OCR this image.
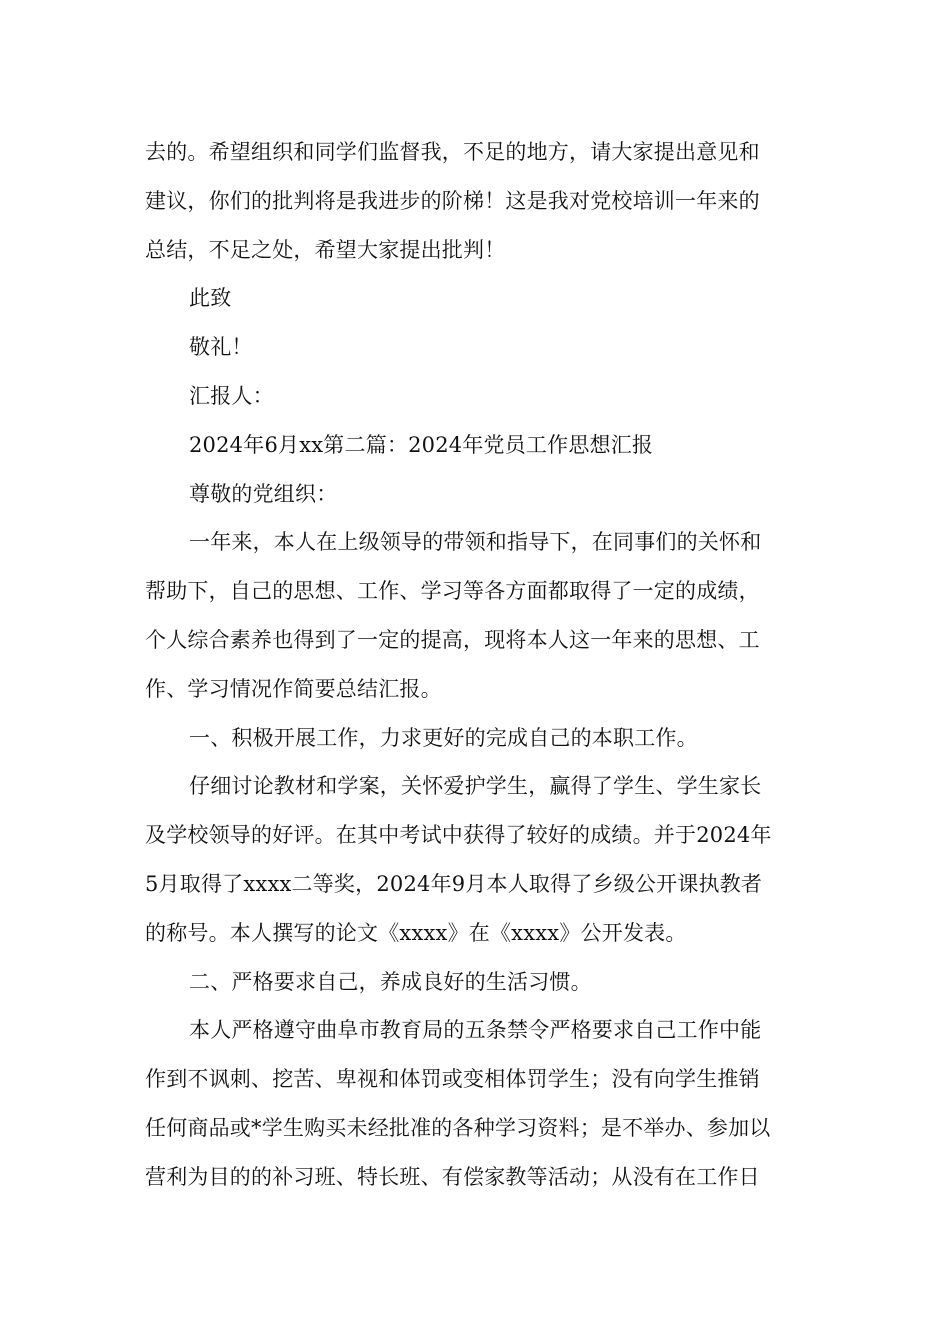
去的。希望组织和同学们监督我，不足的地方，请大家提出意见和
建议，你们的批判将是我进步的阶梯！这是我对党校培训一年来的
总结，不足之处，希望大家提出批判！
此致
敬礼！
汇报人：
2024年6月xx第二篇：2024年党员工作思想汇报
尊敬的党组织：
一年来，本人在上级领导的带领和指导下，在同事们的关怀和
帮助下，自己的思想、工作、学习等各方面都取得了一定的成绩，
个人综合素养也得到了一定的提高，现将本人这一年来的思想、工
作、学习情况作简要总结汇报。
一、积极开展工作，力求更好的完成自己的本职工作。
仔细讨论教材和学案，关怀爱护学生，赢得了学生、学生家长
及学校领导的好评。在其中考试中获得了较好的成绩。并于2024年
5月取得了xxxx二等奖，2024年9月本人取得了乡级公开课执教者
的称号。本人撰写的论文《xxxx》在《xxxx》公开发表。
二、严格要求自己，养成良好的生活习惯。
本人严格遵守曲阜市教育局的五条禁令严格要求自己工作中能
作到不讽刺、挖苦、卑视和体罚或变相体罚学生；没有向学生推销
任何商品或*学生购买未经批准的各种学习资料；是不举办、参加以
营利为目的的补习班、特长班、有偿家教等活动；从没有在工作日
